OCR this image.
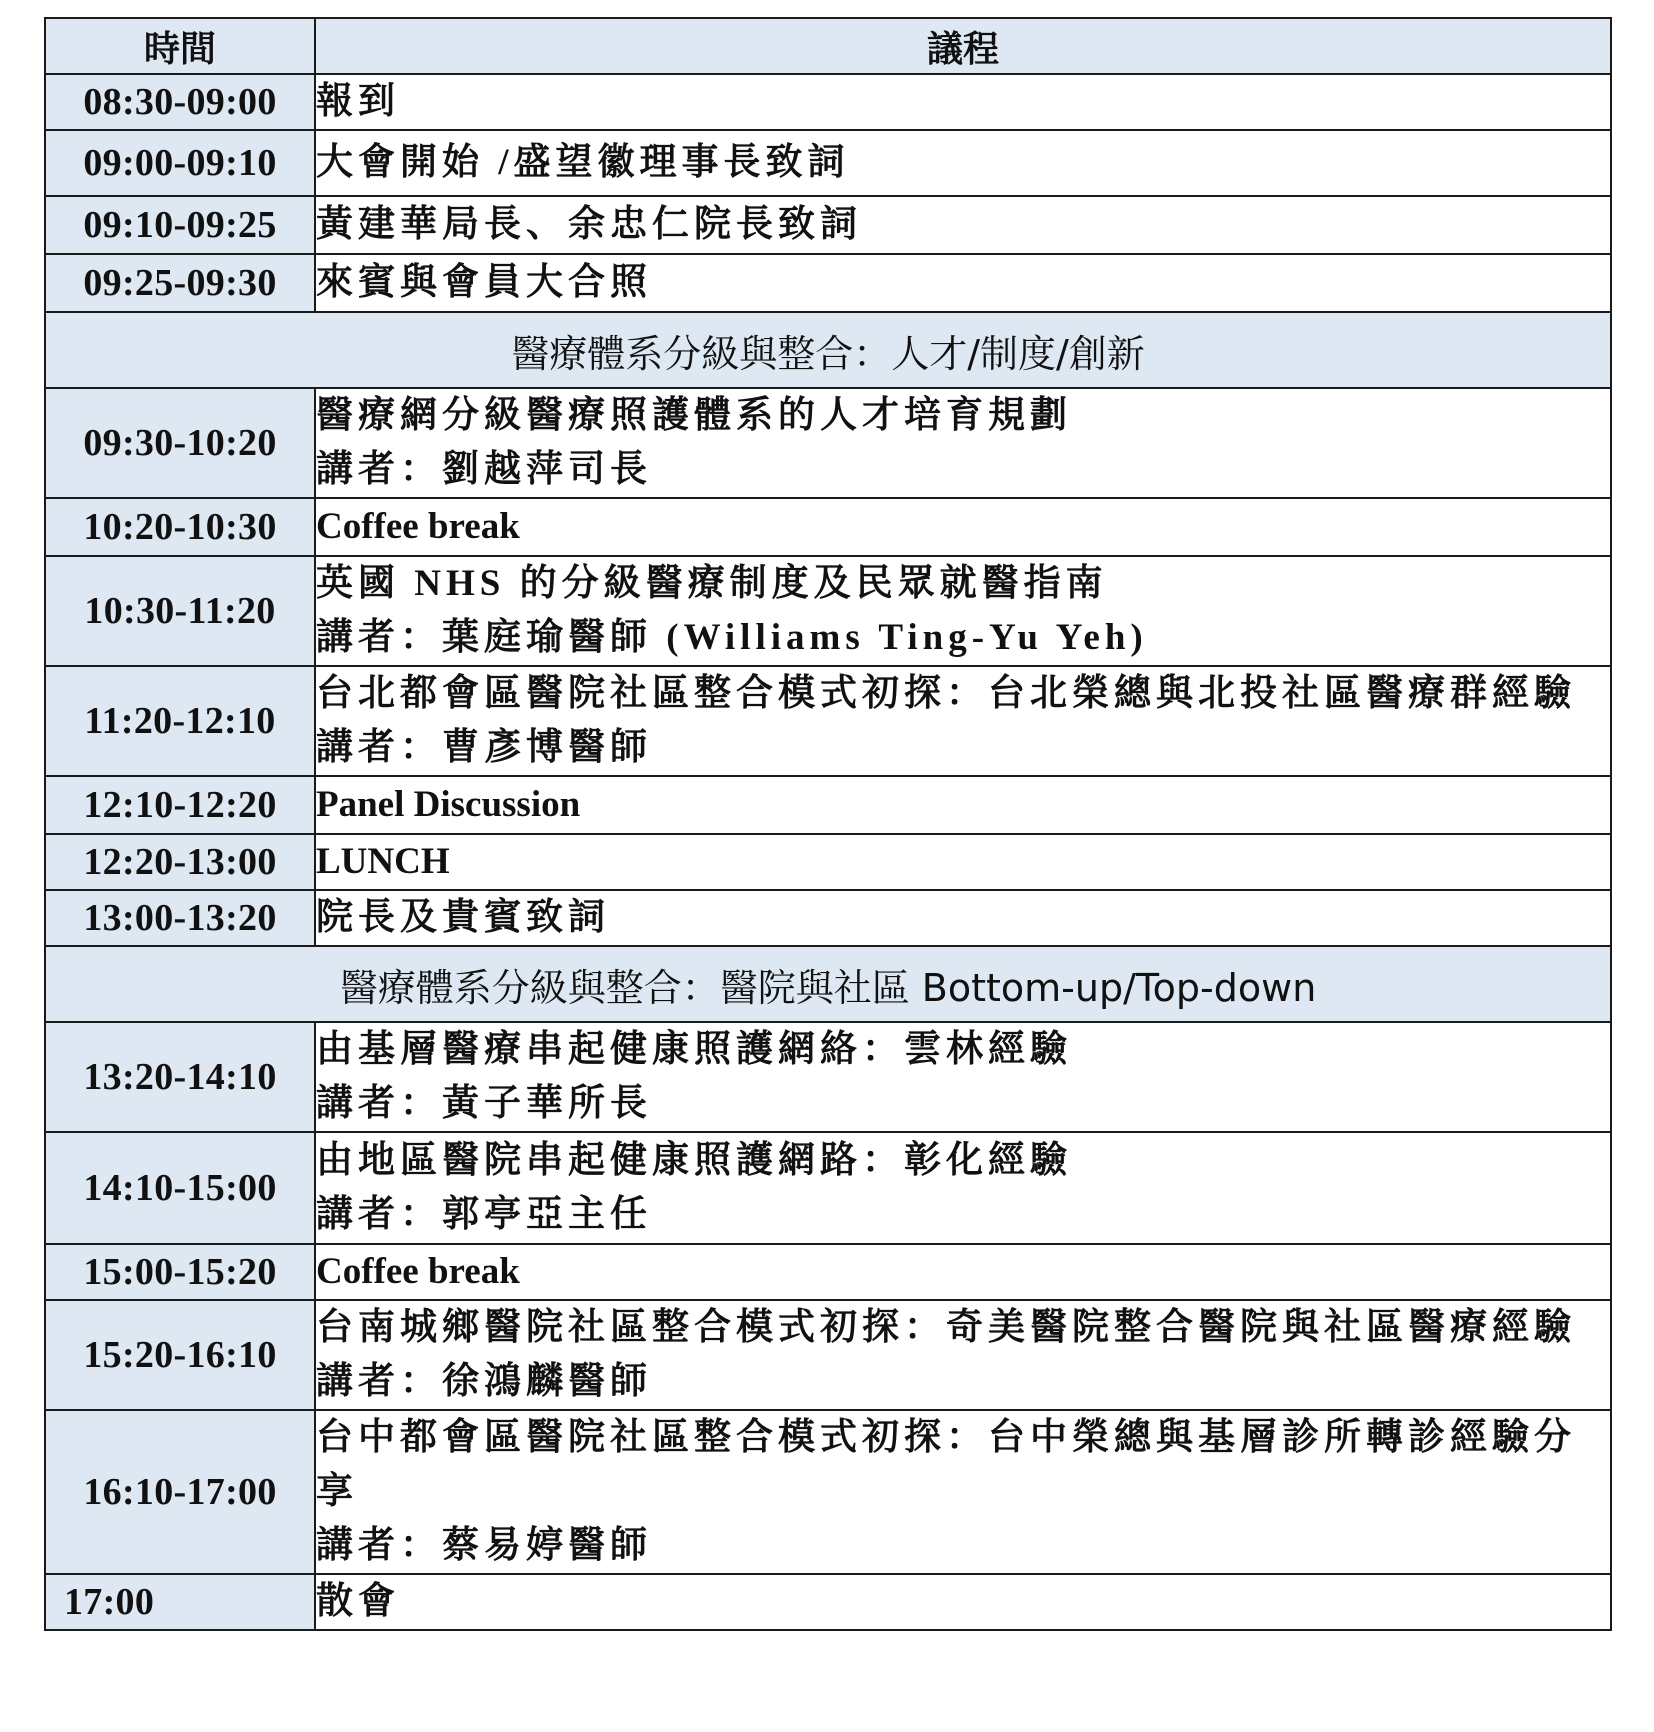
時間	議程
08:30-09:00	報到

09:00-09:10	大會開始 /盛望徽理事長致詞

09:10-09:25	黃建華局長、余忠仁院長致詞

09:25-09:30	來賓與會員大合照

醫療體系分級與整合：人才/制度/創新	
09:30-10:20	醫療網分級醫療照護體系的人才培育規劃
講者：劉越萍司長

10:20-10:30	Coffee break

10:30-11:20	英國 NHS 的分級醫療制度及民眾就醫指南
講者：葉庭瑜醫師 (Williams Ting-Yu Yeh)

11:20-12:10	台北都會區醫院社區整合模式初探：台北榮總與北投社區醫療群經驗
講者：曹彥博醫師

12:10-12:20	Panel Discussion

12:20-13:00	LUNCH

13:00-13:20	院長及貴賓致詞

醫療體系分級與整合：醫院與社區 Bottom-up/Top-down	
13:20-14:10	由基層醫療串起健康照護網絡：雲林經驗
講者：黃子華所長

14:10-15:00	由地區醫院串起健康照護網路：彰化經驗
講者：郭亭亞主任

15:00-15:20	Coffee break

15:20-16:10	台南城鄉醫院社區整合模式初探：奇美醫院整合醫院與社區醫療經驗
講者：徐鴻麟醫師

16:10-17:00	台中都會區醫院社區整合模式初探：台中榮總與基層診所轉診經驗分
享
講者：蔡易婷醫師

17:00	散會
